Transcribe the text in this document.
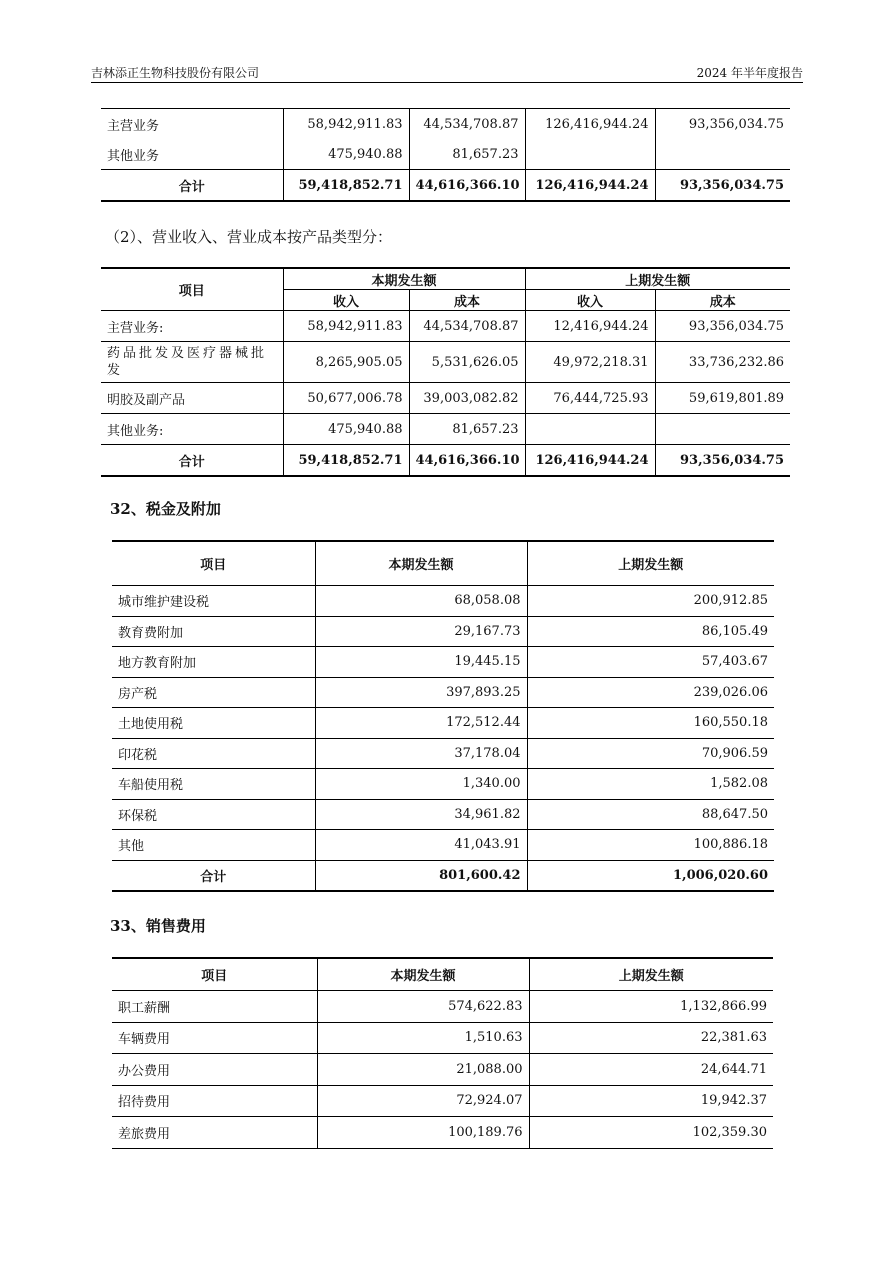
吉林添正生物科技股份有限公司	2024 年半年度报告
主营业务	58,942,911.83	44,534,708.87	126,416,944.24	93,356,034.75
其他业务	475,940.88	81,657.23		
合计	59,418,852.71	44,616,366.10	126,416,944.24	93,356,034.75
（2）、营业收入、营业成本按产品类型分：
项目	本期发生额		上期发生额	
	收入	成本	收入	成本
主营业务:	58,942,911.83	44,534,708.87	12,416,944.24	93,356,034.75
药品批发及医疗器械批发	8,265,905.05	5,531,626.05	49,972,218.31	33,736,232.86
明胶及副产品	50,677,006.78	39,003,082.82	76,444,725.93	59,619,801.89
其他业务:	475,940.88	81,657.23		
合计	59,418,852.71	44,616,366.10	126,416,944.24	93,356,034.75
32、税金及附加
项目	本期发生额	上期发生额
城市维护建设税	68,058.08	200,912.85
教育费附加	29,167.73	86,105.49
地方教育附加	19,445.15	57,403.67
房产税	397,893.25	239,026.06
土地使用税	172,512.44	160,550.18
印花税	37,178.04	70,906.59
车船使用税	1,340.00	1,582.08
环保税	34,961.82	88,647.50
其他	41,043.91	100,886.18
合计	801,600.42	1,006,020.60
33、销售费用
项目	本期发生额	上期发生额
职工薪酬	574,622.83	1,132,866.99
车辆费用	1,510.63	22,381.63
办公费用	21,088.00	24,644.71
招待费用	72,924.07	19,942.37
差旅费用	100,189.76	102,359.30
